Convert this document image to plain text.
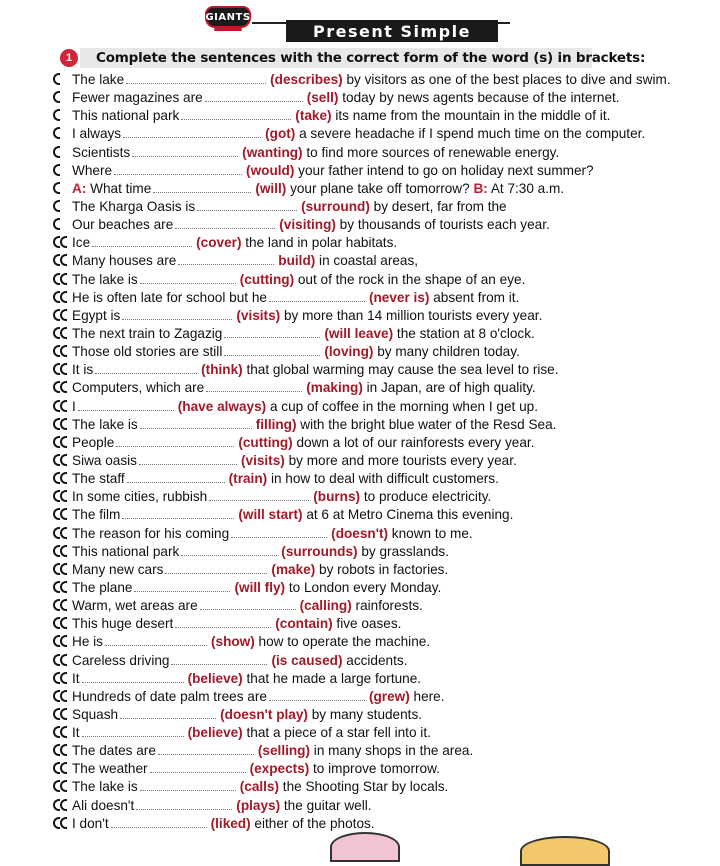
GIANTS
Present Simple
1	Complete the sentences with the correct form of the word (s) in brackets:
The lake	(describes) by visitors as one of the best places to dive and swim.
Fewer magazines are	(sell) today by news agents because of the internet.
This national park	(take) its name from the mountain in the middle of it.
I always	(got) a severe headache if I spend much time on the computer.
Scientists	(wanting) to find more sources of renewable energy.
Where	(would) your father intend to go on holiday next summer?
A: What time	(will) your plane take off tomorrow? B: At 7:30 a.m.
The Kharga Oasis is	(surround) by desert, far from the
Our beaches are	(visiting) by thousands of tourists each year.
Ice	(cover) the land in polar habitats.
Many houses are	build) in coastal areas,
The lake is	(cutting) out of the rock in the shape of an eye.
He is often late for school but he	(never is) absent from it.
Egypt is	(visits) by more than 14 million tourists every year.
The next train to Zagazig	(will leave) the station at 8 o'clock.
Those old stories are still	(loving) by many children today.
It is	(think) that global warming may cause the sea level to rise.
Computers, which are	(making) in Japan, are of high quality.
I	(have always) a cup of coffee in the morning when I get up.
The lake is	filling) with the bright blue water of the Resd Sea.
People	(cutting) down a lot of our rainforests every year.
Siwa oasis	(visits) by more and more tourists every year.
The staff	(train) in how to deal with difficult customers.
In some cities, rubbish	(burns) to produce electricity.
The film	(will start) at 6 at Metro Cinema this evening.
The reason for his coming	(doesn't) known to me.
This national park	(surrounds) by grasslands.
Many new cars	(make) by robots in factories.
The plane	(will fly) to London every Monday.
Warm, wet areas are	(calling) rainforests.
This huge desert	(contain) five oases.
He is	(show) how to operate the machine.
Careless driving	(is caused) accidents.
It	(believe) that he made a large fortune.
Hundreds of date palm trees are	(grew) here.
Squash	(doesn't play) by many students.
It	(believe) that a piece of a star fell into it.
The dates are	(selling) in many shops in the area.
The weather	(expects) to improve tomorrow.
The lake is	(calls) the Shooting Star by locals.
Ali doesn't	(plays) the guitar well.
I don't	(liked) either of the photos.
